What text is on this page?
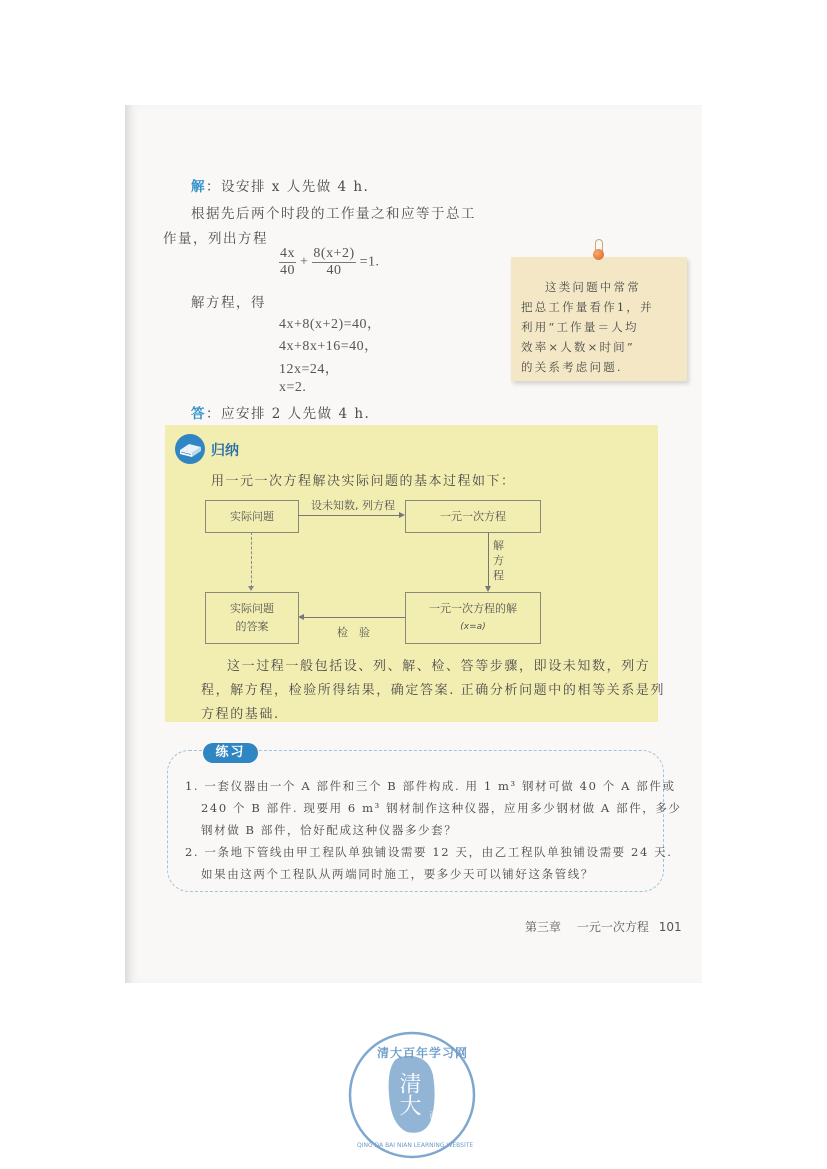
解：设安排 x 人先做 4 h.
根据先后两个时段的工作量之和应等于总工
作量，列出方程
$\frac{4x}{40} + \frac{8(x+2)}{40} =1$.
解方程，得
4x+8(x+2)=40，
4x+8x+16=40，
12x=24，
x=2.
答：应安排 2 人先做 4 h.
这类问题中常常
把总工作量看作1，并
利用“工作量＝人均
效率×人数×时间”
的关系考虑问题.
归纳
用一元一次方程解决实际问题的基本过程如下：
实际问题	一元一次方程
实际问题
的答案
一元一次方程的解
(x=a)
设未知数, 列方程
解
方
程
检　验
这一过程一般包括设、列、解、检、答等步骤，即设未知数，列方
程，解方程，检验所得结果，确定答案. 正确分析问题中的相等关系是列
方程的基础.
练习
1. 一套仪器由一个 A 部件和三个 B 部件构成. 用 1 m³ 钢材可做 40 个 A 部件或
240 个 B 部件. 现要用 6 m³ 钢材制作这种仪器，应用多少钢材做 A 部件，多少
钢材做 B 部件，恰好配成这种仪器多少套？
2. 一条地下管线由甲工程队单独铺设需要 12 天，由乙工程队单独铺设需要 24 天.
如果由这两个工程队从两端同时施工，要多少天可以铺好这条管线？
第三章 一元一次方程 101
清大百年学习网
清大	百年
QING DA BAI NIAN LEARNING WEBSITE
